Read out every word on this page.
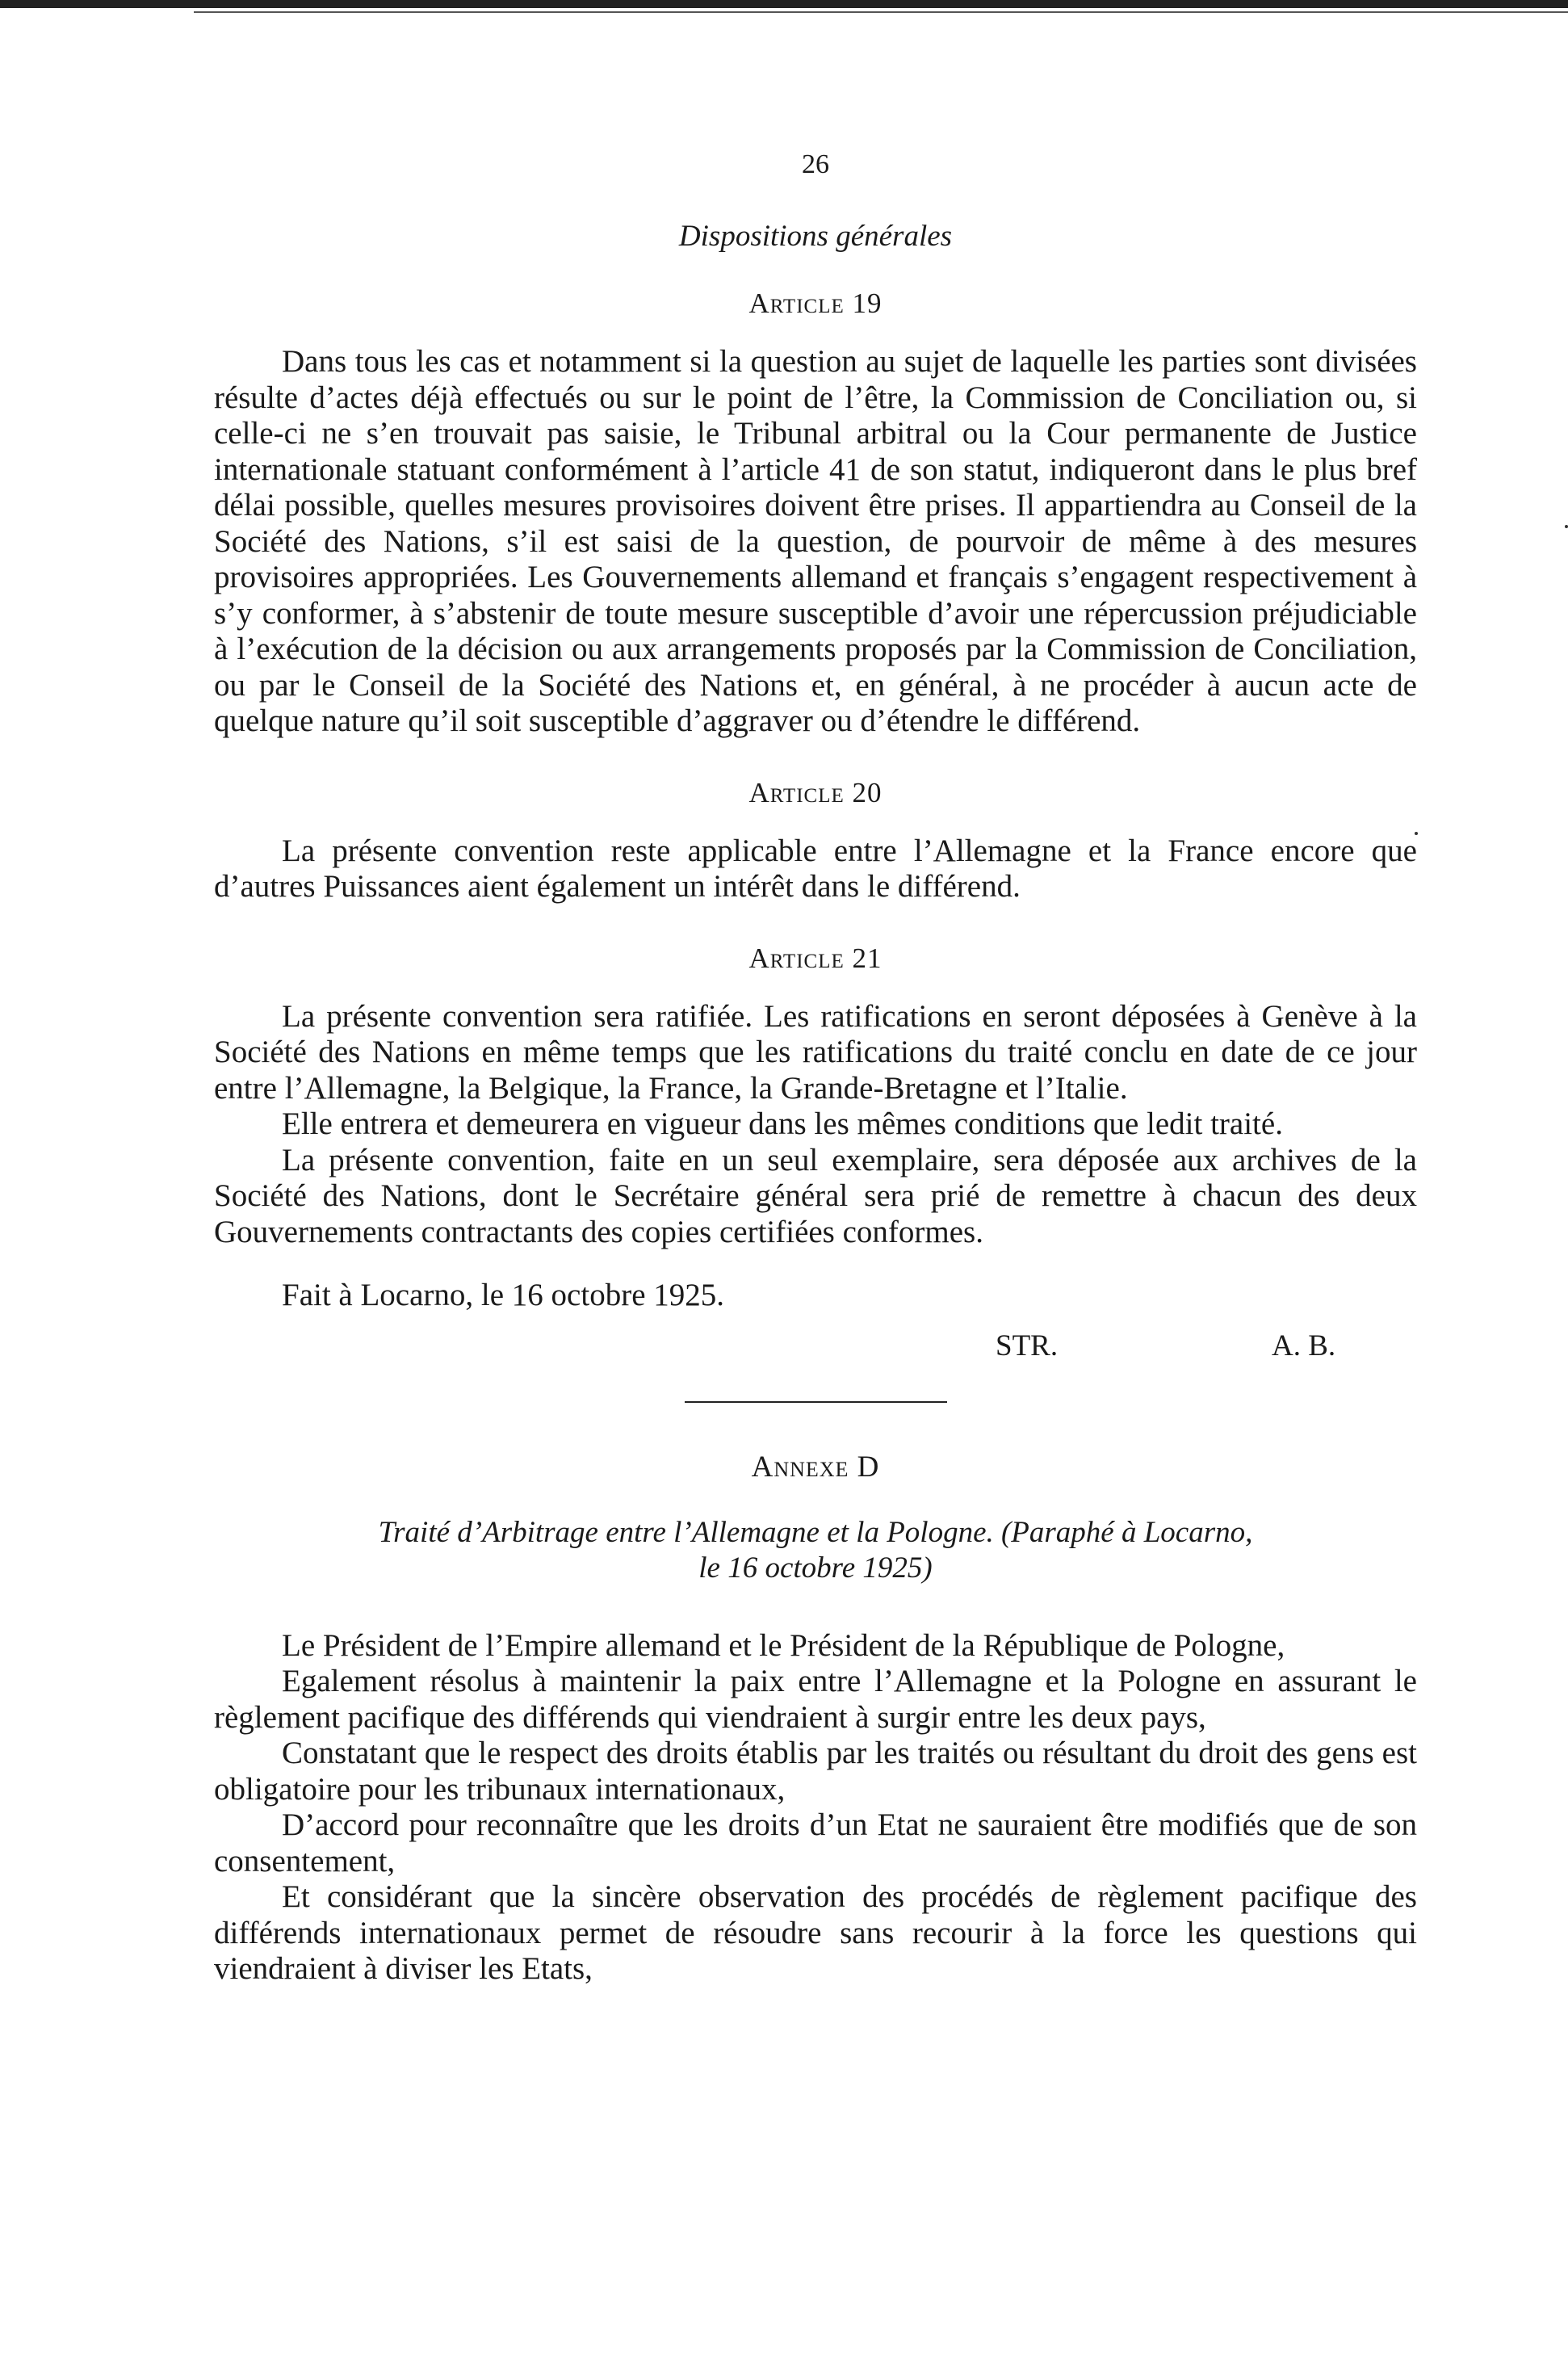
26
Dispositions générales
Article 19

Dans tous les cas et notamment si la question au sujet de laquelle les parties sont divisées résulte d’actes déjà effectués ou sur le point de l’être, la Commission de Conciliation ou, si celle-ci ne s’en trouvait pas saisie, le Tribunal arbitral ou la Cour permanente de Justice internationale statuant conformément à l’article 41 de son statut, indiqueront dans le plus bref délai possible, quelles mesures provisoires doivent être prises. Il appartiendra au Conseil de la Société des Nations, s’il est saisi de la question, de pourvoir de même à des mesures provisoires appropriées. Les Gouvernements allemand et français s’engagent respectivement à s’y conformer, à s’abstenir de toute mesure susceptible d’avoir une répercussion préjudiciable à l’exécution de la décision ou aux arrangements proposés par la Commission de Conciliation, ou par le Conseil de la Société des Nations et, en général, à ne procéder à aucun acte de quelque nature qu’il soit susceptible d’aggraver ou d’étendre le différend.

Article 20

La présente convention reste applicable entre l’Allemagne et la France encore que d’autres Puissances aient également un intérêt dans le différend.

Article 21

La présente convention sera ratifiée. Les ratifications en seront déposées à Genève à la Société des Nations en même temps que les ratifications du traité conclu en date de ce jour entre l’Allemagne, la Belgique, la France, la Grande-Bretagne et l’Italie.

Elle entrera et demeurera en vigueur dans les mêmes conditions que ledit traité.

La présente convention, faite en un seul exemplaire, sera déposée aux archives de la Société des Nations, dont le Secrétaire général sera prié de remettre à chacun des deux Gouvernements contractants des copies certifiées conformes.

Fait à Locarno, le 16 octobre 1925.
STR.	A. B.
Annexe D
Traité d’Arbitrage entre l’Allemagne et la Pologne. (Paraphé à Locarno,
le 16 octobre 1925)

Le Président de l’Empire allemand et le Président de la République de Pologne,

Egalement résolus à maintenir la paix entre l’Allemagne et la Pologne en assurant le règlement pacifique des différends qui viendraient à surgir entre les deux pays,

Constatant que le respect des droits établis par les traités ou résultant du droit des gens est obligatoire pour les tribunaux internationaux,

D’accord pour reconnaître que les droits d’un Etat ne sauraient être modifiés que de son consentement,

Et considérant que la sincère observation des procédés de règlement pacifique des différends internationaux permet de résoudre sans recourir à la force les questions qui viendraient à diviser les Etats,
